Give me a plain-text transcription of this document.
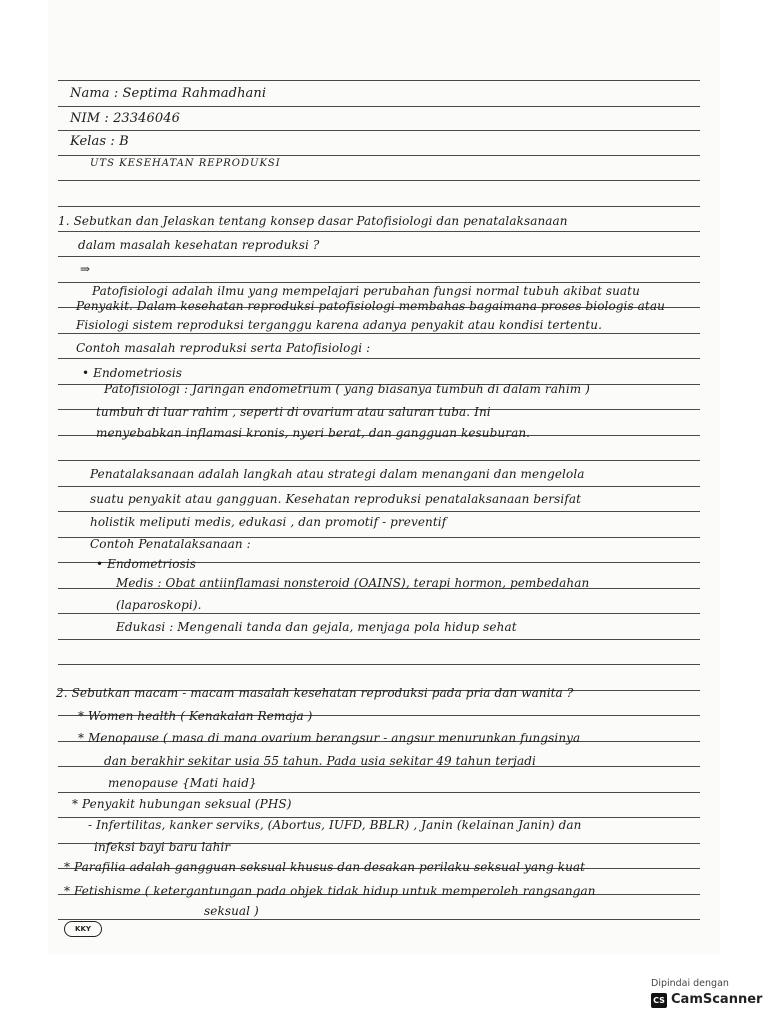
Nama : Septima Rahmadhani
NIM : 23346046
Kelas : B
UTS KESEHATAN REPRODUKSI
1. Sebutkan dan Jelaskan tentang konsep dasar Patofisiologi dan penatalaksanaan
dalam masalah kesehatan reproduksi ?
⇒
Patofisiologi adalah ilmu yang mempelajari perubahan fungsi normal tubuh akibat suatu
Penyakit. Dalam kesehatan reproduksi patofisiologi membahas bagaimana proses biologis atau
Fisiologi sistem reproduksi terganggu karena adanya penyakit atau kondisi tertentu.
Contoh masalah reproduksi serta Patofisiologi :
• Endometriosis
Patofisiologi : Jaringan endometrium ( yang biasanya tumbuh di dalam rahim )
tumbuh di luar rahim , seperti di ovarium atau saluran tuba. Ini
menyebabkan inflamasi kronis, nyeri berat, dan gangguan kesuburan.
Penatalaksanaan adalah langkah atau strategi dalam menangani dan mengelola
suatu penyakit atau gangguan. Kesehatan reproduksi penatalaksanaan bersifat
holistik meliputi medis, edukasi , dan promotif - preventif
Contoh Penatalaksanaan :
• Endometriosis
Medis : Obat antiinflamasi nonsteroid (OAINS), terapi hormon, pembedahan
(laparoskopi).
Edukasi : Mengenali tanda dan gejala, menjaga pola hidup sehat
2. Sebutkan macam - macam masalah kesehatan reproduksi pada pria dan wanita ?
* Women health ( Kenakalan Remaja )
* Menopause ( masa di mana ovarium berangsur - angsur menurunkan fungsinya
dan berakhir sekitar usia 55 tahun. Pada usia sekitar 49 tahun terjadi
menopause {Mati haid}
* Penyakit hubungan seksual (PHS)
- Infertilitas, kanker serviks, (Abortus, IUFD, BBLR) , Janin (kelainan Janin) dan
infeksi bayi baru lahir
* Parafilia adalah gangguan seksual khusus dan desakan perilaku seksual yang kuat
* Fetishisme ( ketergantungan pada objek tidak hidup untuk memperoleh rangsangan
seksual )
KKY
Dipindai dengan
CS CamScanner
